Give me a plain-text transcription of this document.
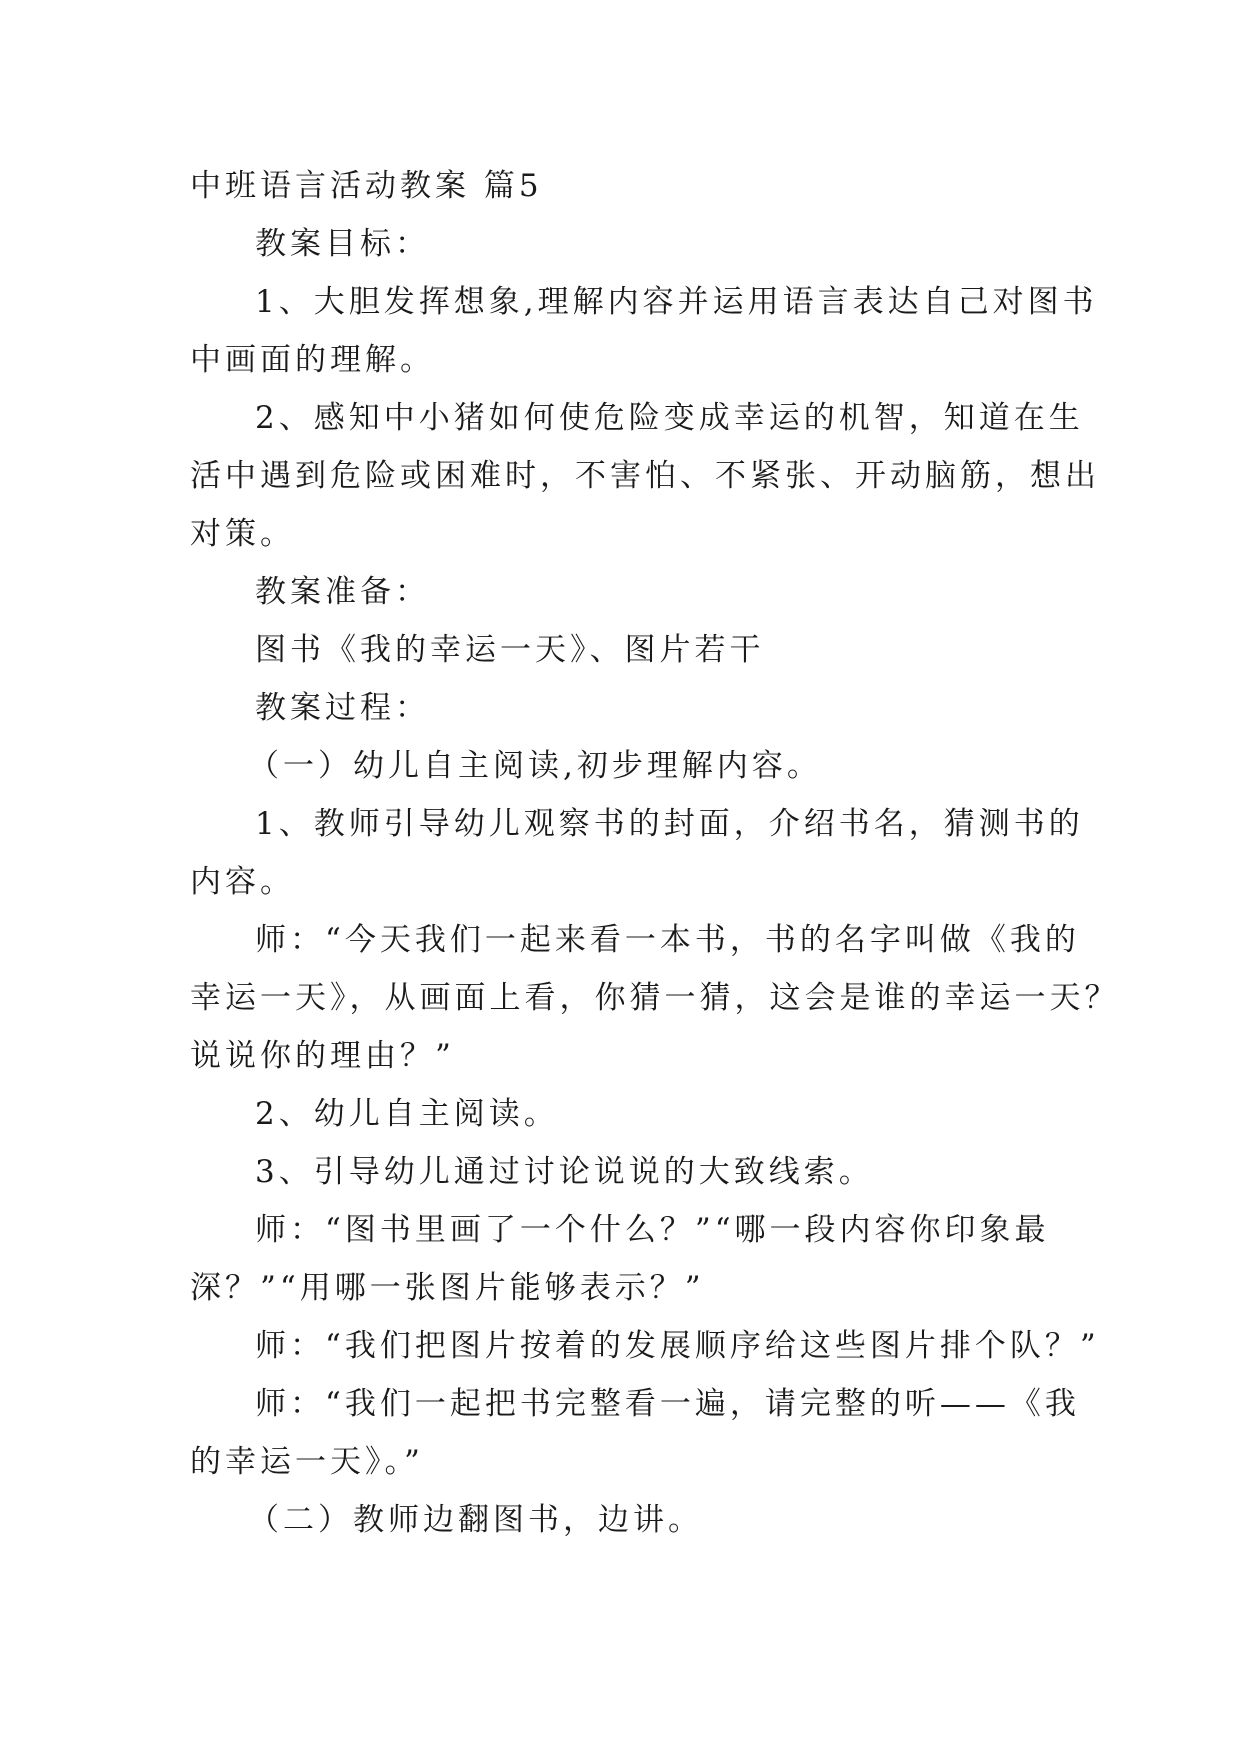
中班语言活动教案 篇5
教案目标：
1、大胆发挥想象,理解内容并运用语言表达自己对图书
中画面的理解。
2、感知中小猪如何使危险变成幸运的机智，知道在生
活中遇到危险或困难时，不害怕、不紧张、开动脑筋，想出
对策。
教案准备：
图书《我的幸运一天》、图片若干
教案过程：
（一）幼儿自主阅读,初步理解内容。
1、教师引导幼儿观察书的封面，介绍书名，猜测书的
内容。
师：“今天我们一起来看一本书，书的名字叫做《我的
幸运一天》，从画面上看，你猜一猜，这会是谁的幸运一天？
说说你的理由？”
2、幼儿自主阅读。
3、引导幼儿通过讨论说说的大致线索。
师：“图书里画了一个什么？”“哪一段内容你印象最
深？”“用哪一张图片能够表示？”
师：“我们把图片按着的发展顺序给这些图片排个队？”
师：“我们一起把书完整看一遍，请完整的听——《我
的幸运一天》。”
（二）教师边翻图书，边讲。
